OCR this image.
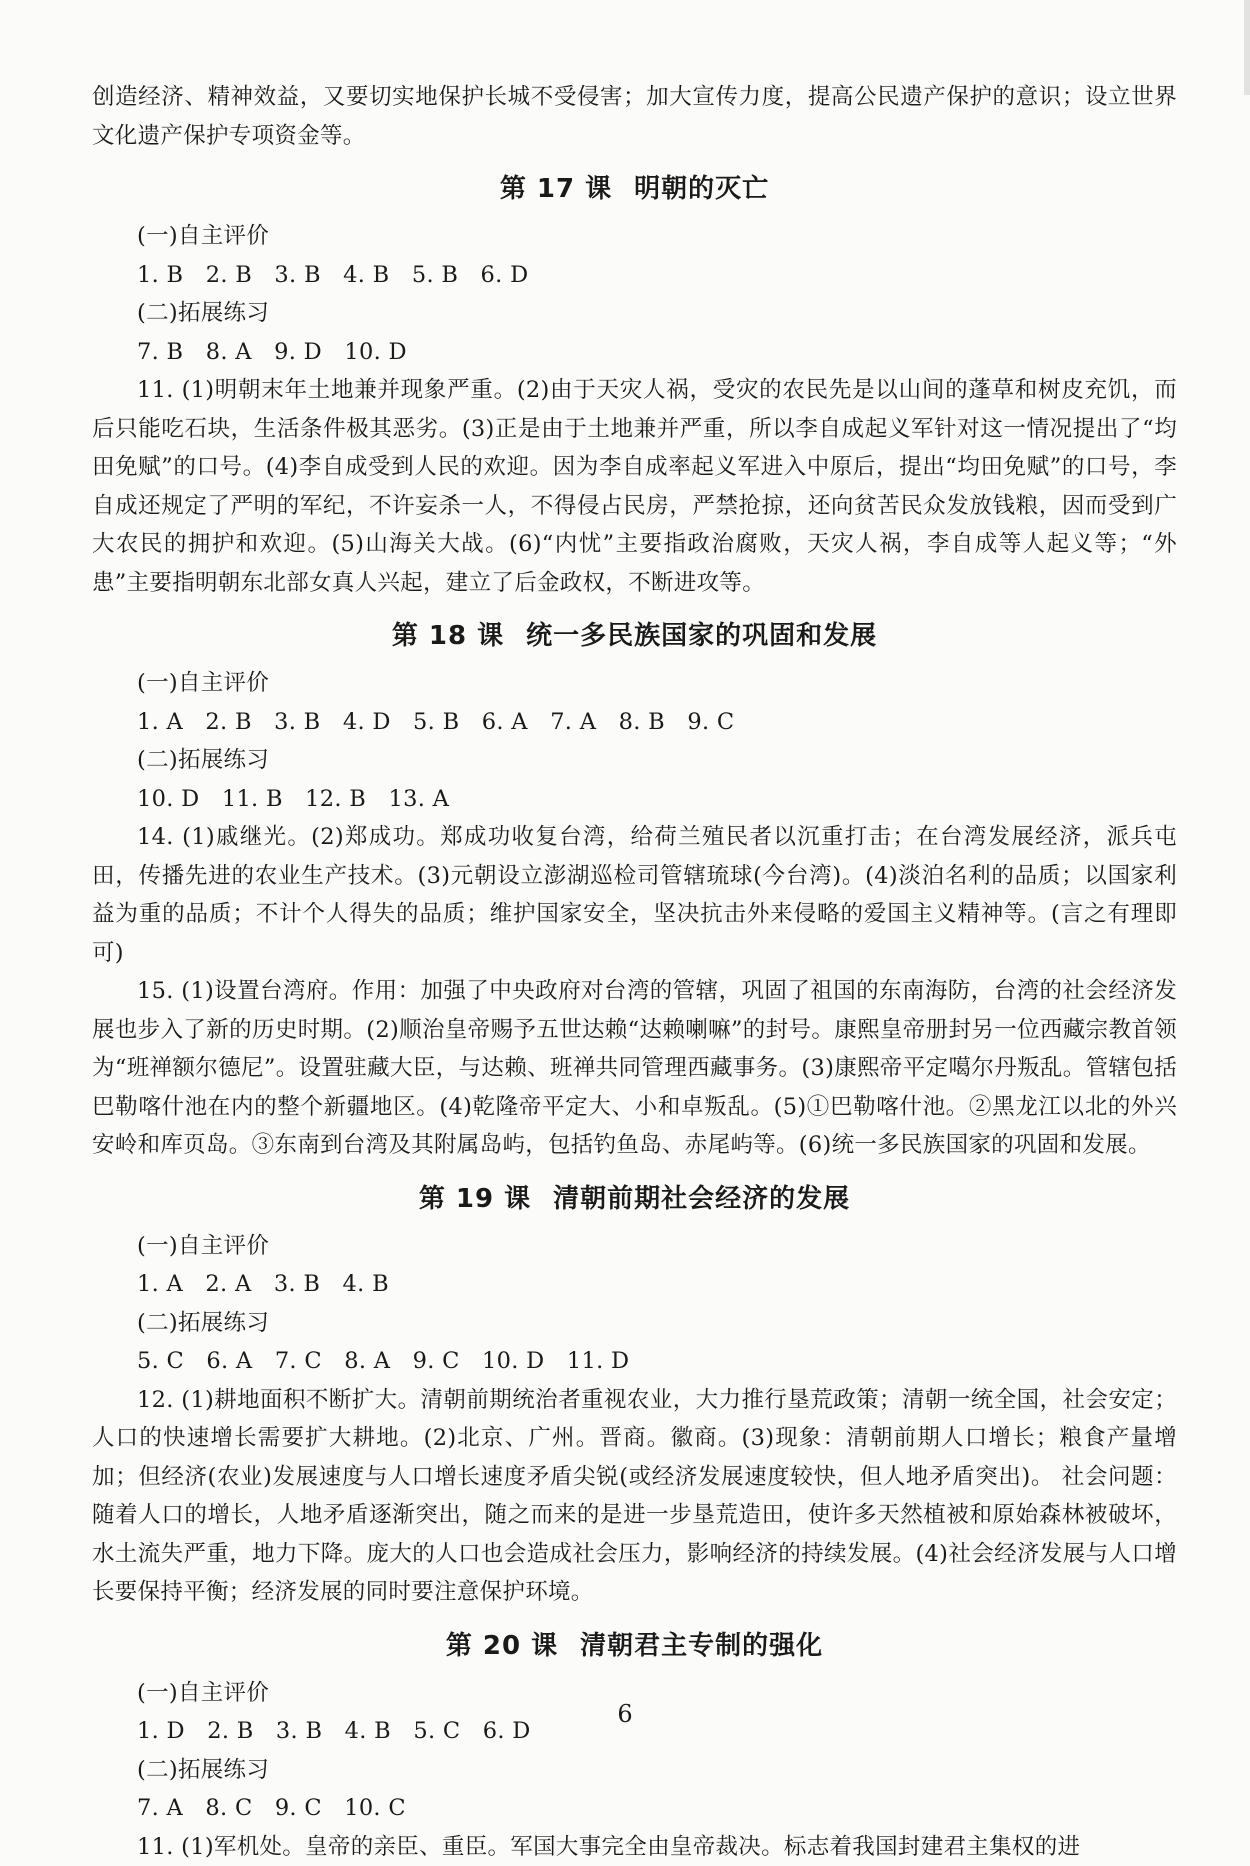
创造经济、精神效益，又要切实地保护长城不受侵害；加大宣传力度，提高公民遗产保护的意识；设立世界文化遗产保护专项资金等。

第 17 课 明朝的灭亡

(一)自主评价

1. B   2. B   3. B   4. B   5. B   6. D

(二)拓展练习

7. B   8. A   9. D   10. D

11. (1)明朝末年土地兼并现象严重。(2)由于天灾人祸，受灾的农民先是以山间的蓬草和树皮充饥，而后只能吃石块，生活条件极其恶劣。(3)正是由于土地兼并严重，所以李自成起义军针对这一情况提出了“均田免赋”的口号。(4)李自成受到人民的欢迎。因为李自成率起义军进入中原后，提出“均田免赋”的口号，李自成还规定了严明的军纪，不许妄杀一人，不得侵占民房，严禁抢掠，还向贫苦民众发放钱粮，因而受到广大农民的拥护和欢迎。(5)山海关大战。(6)“内忧”主要指政治腐败，天灾人祸，李自成等人起义等；“外患”主要指明朝东北部女真人兴起，建立了后金政权，不断进攻等。

第 18 课 统一多民族国家的巩固和发展

(一)自主评价

1. A   2. B   3. B   4. D   5. B   6. A   7. A   8. B   9. C

(二)拓展练习

10. D   11. B   12. B   13. A

14. (1)戚继光。(2)郑成功。郑成功收复台湾，给荷兰殖民者以沉重打击；在台湾发展经济，派兵屯田，传播先进的农业生产技术。(3)元朝设立澎湖巡检司管辖琉球(今台湾)。(4)淡泊名利的品质；以国家利益为重的品质；不计个人得失的品质；维护国家安全，坚决抗击外来侵略的爱国主义精神等。(言之有理即可)

15. (1)设置台湾府。作用：加强了中央政府对台湾的管辖，巩固了祖国的东南海防，台湾的社会经济发展也步入了新的历史时期。(2)顺治皇帝赐予五世达赖“达赖喇嘛”的封号。康熙皇帝册封另一位西藏宗教首领为“班禅额尔德尼”。设置驻藏大臣，与达赖、班禅共同管理西藏事务。(3)康熙帝平定噶尔丹叛乱。管辖包括巴勒喀什池在内的整个新疆地区。(4)乾隆帝平定大、小和卓叛乱。(5)①巴勒喀什池。②黑龙江以北的外兴安岭和库页岛。③东南到台湾及其附属岛屿，包括钓鱼岛、赤尾屿等。(6)统一多民族国家的巩固和发展。

第 19 课 清朝前期社会经济的发展

(一)自主评价

1. A   2. A   3. B   4. B

(二)拓展练习

5. C   6. A   7. C   8. A   9. C   10. D   11. D

12. (1)耕地面积不断扩大。清朝前期统治者重视农业，大力推行垦荒政策；清朝一统全国，社会安定；人口的快速增长需要扩大耕地。(2)北京、广州。晋商。徽商。(3)现象：清朝前期人口增长；粮食产量增加；但经济(农业)发展速度与人口增长速度矛盾尖锐(或经济发展速度较快，但人地矛盾突出)。 社会问题：随着人口的增长，人地矛盾逐渐突出，随之而来的是进一步垦荒造田，使许多天然植被和原始森林被破坏，水土流失严重，地力下降。庞大的人口也会造成社会压力，影响经济的持续发展。(4)社会经济发展与人口增长要保持平衡；经济发展的同时要注意保护环境。

第 20 课 清朝君主专制的强化

(一)自主评价

1. D   2. B   3. B   4. B   5. C   6. D

(二)拓展练习

7. A   8. C   9. C   10. C

11. (1)军机处。皇帝的亲臣、重臣。军国大事完全由皇帝裁决。标志着我国封建君主集权的进

6
